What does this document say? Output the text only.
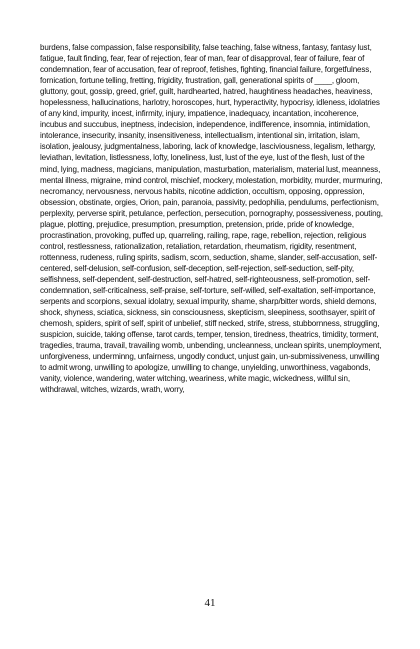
burdens, false compassion, false responsibility, false teaching, false witness, fantasy, fantasy lust, fatigue, fault finding, fear, fear of rejection, fear of man, fear of disapproval, fear of failure, fear of condemnation, fear of accusation, fear of reproof, fetishes, fighting, financial failure, forgetfulness, fornication, fortune telling, fretting, frigidity, frustration, gall, generational spirits of ____, gloom, gluttony, gout, gossip, greed, grief, guilt, hardhearted, hatred, haughtiness headaches, heaviness, hopelessness, hallucinations, harlotry, horoscopes, hurt, hyperactivity, hypocrisy, idleness, idolatries of any kind, impurity, incest, infirmity, injury, impatience, inadequacy, incantation, incoherence, incubus and succubus, ineptness, indecision, independence, indifference, insomnia, intimidation, intolerance, insecurity, insanity, insensitiveness, intellectualism, intentional sin, irritation, islam, isolation, jealousy, judgmentalness, laboring, lack of knowledge, lasciviousness, legalism, lethargy, leviathan, levitation, listlessness, lofty, loneliness, lust, lust of the eye, lust of the flesh, lust of the mind, lying, madness, magicians, manipulation, masturbation, materialism, material lust, meanness, mental illness, migraine, mind control, mischief, mockery, molestation, morbidity, murder, murmuring, necromancy, nervousness, nervous habits, nicotine addiction, occultism, opposing, oppression, obsession, obstinate, orgies, Orion, pain, paranoia, passivity, pedophilia, pendulums, perfectionism, perplexity, perverse spirit, petulance, perfection, persecution, pornography, possessiveness, pouting, plague, plotting, prejudice, presumption, presumption, pretension, pride, pride of knowledge, procrastination, provoking, puffed up, quarreling, railing, rape, rage, rebellion, rejection, religious control, restlessness, rationalization, retaliation, retardation, rheumatism, rigidity, resentment, rottenness, rudeness, ruling spirits, sadism, scorn, seduction, shame, slander, self-accusation, self-centered, self-delusion, self-confusion, self-deception, self-rejection, self-seduction, self-pity, selfishness, self-dependent, self-destruction, self-hatred, self-righteousness, self-promotion, self-condemnation, self-criticalness, self-praise, self-torture, self-willed, self-exaltation, self-importance, serpents and scorpions, sexual idolatry, sexual impurity, shame, sharp/bitter words, shield demons, shock, shyness, sciatica, sickness, sin consciousness, skepticism, sleepiness, soothsayer, spirit of chemosh, spiders, spirit of self, spirit of unbelief, stiff necked, strife, stress, stubbornness, struggling, suspicion, suicide, taking offense, tarot cards, temper, tension, tiredness, theatrics, timidity, torment, tragedies, trauma, travail, travailing womb, unbending, uncleanness, unclean spirits, unemployment, unforgiveness, underminng, unfairness, ungodly conduct, unjust gain, un-submissiveness, unwilling to admit wrong, unwilling to apologize, unwilling to change, unyielding, unworthiness, vagabonds, vanity, violence, wandering, water witching, weariness, white magic, wickedness, willful sin, withdrawal, witches, wizards, wrath, worry,
41
